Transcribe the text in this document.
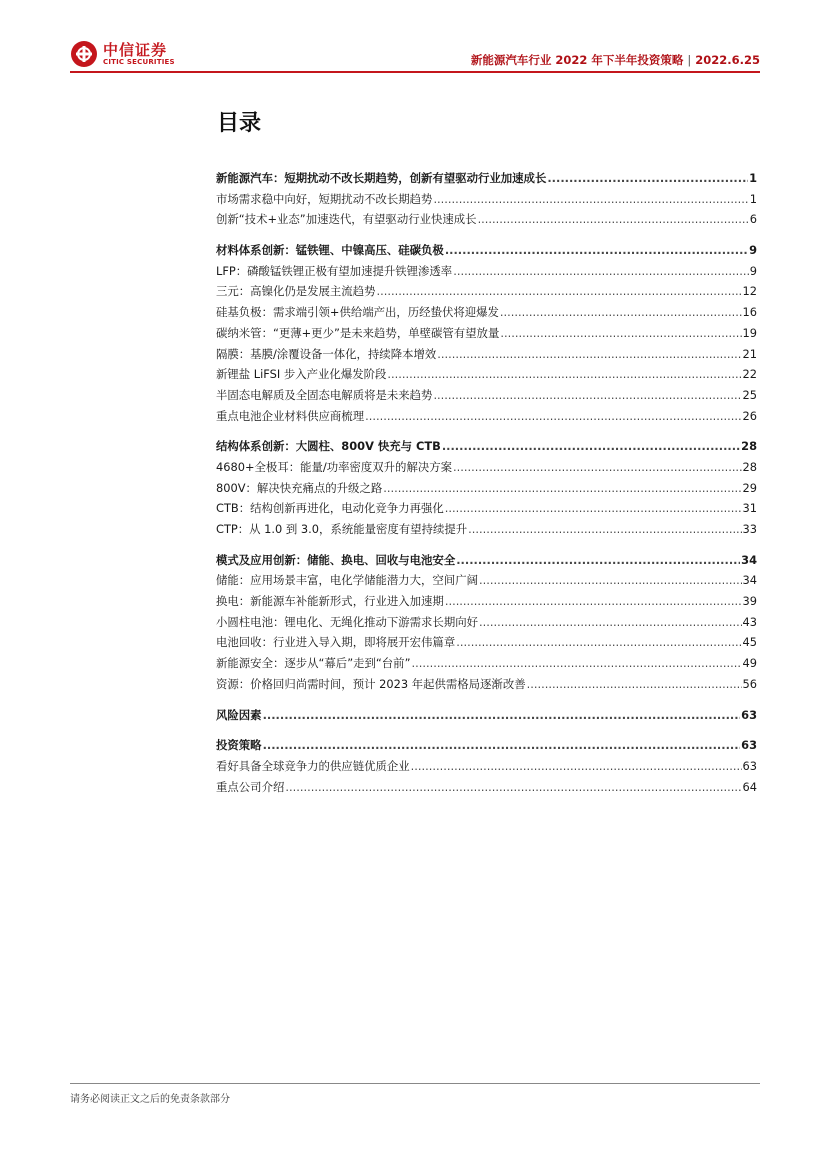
中信证券
CITIC SECURITIES	新能源汽车行业 2022 年下半年投资策略 | 2022.6.25
目录
新能源汽车：短期扰动不改长期趋势，创新有望驱动行业加速成长 .....	1
市场需求稳中向好，短期扰动不改长期趋势 .....	1
创新“技术+业态”加速迭代，有望驱动行业快速成长 .....	6
材料体系创新：锰铁锂、中镍高压、硅碳负极 .....	9
LFP：磷酸锰铁锂正极有望加速提升铁锂渗透率 .....	9
三元：高镍化仍是发展主流趋势 .....	12
硅基负极：需求端引领+供给端产出，历经蛰伏将迎爆发 .....	16
碳纳米管：“更薄+更少”是未来趋势，单壁碳管有望放量 .....	19
隔膜：基膜/涂覆设备一体化，持续降本增效 .....	21
新锂盐 LiFSI 步入产业化爆发阶段 .....	22
半固态电解质及全固态电解质将是未来趋势 .....	25
重点电池企业材料供应商梳理 .....	26
结构体系创新：大圆柱、800V 快充与 CTB .....	28
4680+全极耳：能量/功率密度双升的解决方案 .....	28
800V：解决快充痛点的升级之路 .....	29
CTB：结构创新再进化，电动化竞争力再强化 .....	31
CTP：从 1.0 到 3.0，系统能量密度有望持续提升 .....	33
模式及应用创新：储能、换电、回收与电池安全 .....	34
储能：应用场景丰富，电化学储能潜力大，空间广阔 .....	34
换电：新能源车补能新形式，行业进入加速期 .....	39
小圆柱电池：锂电化、无绳化推动下游需求长期向好 .....	43
电池回收：行业进入导入期，即将展开宏伟篇章 .....	45
新能源安全：逐步从“幕后”走到“台前” .....	49
资源：价格回归尚需时间，预计 2023 年起供需格局逐渐改善 .....	56
风险因素 .....	63
投资策略 .....	63
看好具备全球竞争力的供应链优质企业 .....	63
重点公司介绍 .....	64
请务必阅读正文之后的免责条款部分
